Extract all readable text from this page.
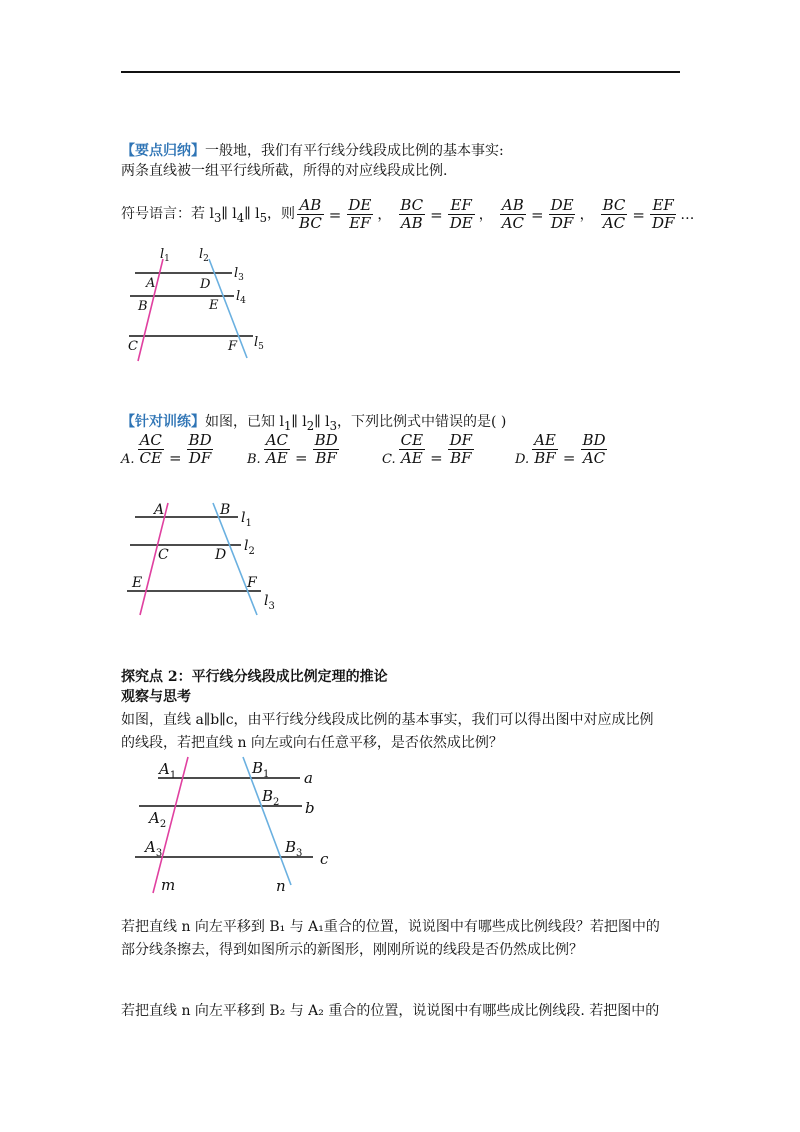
【要点归纳】一般地，我们有平行线分线段成比例的基本事实:
两条直线被一组平行线所截，所得的对应线段成比例.
符号语言：若 $l_3\parallel$ $l_4\parallel$ $l_5$，则 $\frac{AB}{BC} = \frac{DE}{EF}$ ， $\frac{BC}{AB} = \frac{EF}{DE}$ ， $\frac{AB}{AC} = \frac{DE}{DF}$ ， $\frac{BC}{AC} = \frac{EF}{DF}$ …
$l_1$ $l_2$
$l_3$
$l_4$
$l_5$
A
B
C
D
E
F
【针对训练】如图，已知 $l_1\parallel$ $l_2\parallel$ $l_3$，下列比例式中错误的是( )
A. $\frac{AC}{CE} = \frac{BD}{DF}$	B. $\frac{AC}{AE} = \frac{BD}{BF}$	C. $\frac{CE}{AE} = \frac{DF}{BF}$	D. $\frac{AE}{BF} = \frac{BD}{AC}$
A	B
C	D
E	F
$l_1$
$l_2$
$l_3$
探究点 2：平行线分线段成比例定理的推论
观察与思考
如图，直线 a∥b∥c，由平行线分线段成比例的基本事实，我们可以得出图中对应成比例
的线段，若把直线 n 向左或向右任意平移，是否依然成比例？
$A_1$
$A_2$
$A_3$
$B_1$
$B_2$
$B_3$
a
b
c
m	n
若把直线 n 向左平移到 B₁ 与 A₁重合的位置，说说图中有哪些成比例线段？若把图中的
部分线条擦去，得到如图所示的新图形，刚刚所说的线段是否仍然成比例？
若把直线 n 向左平移到 B₂ 与 A₂ 重合的位置，说说图中有哪些成比例线段. 若把图中的
